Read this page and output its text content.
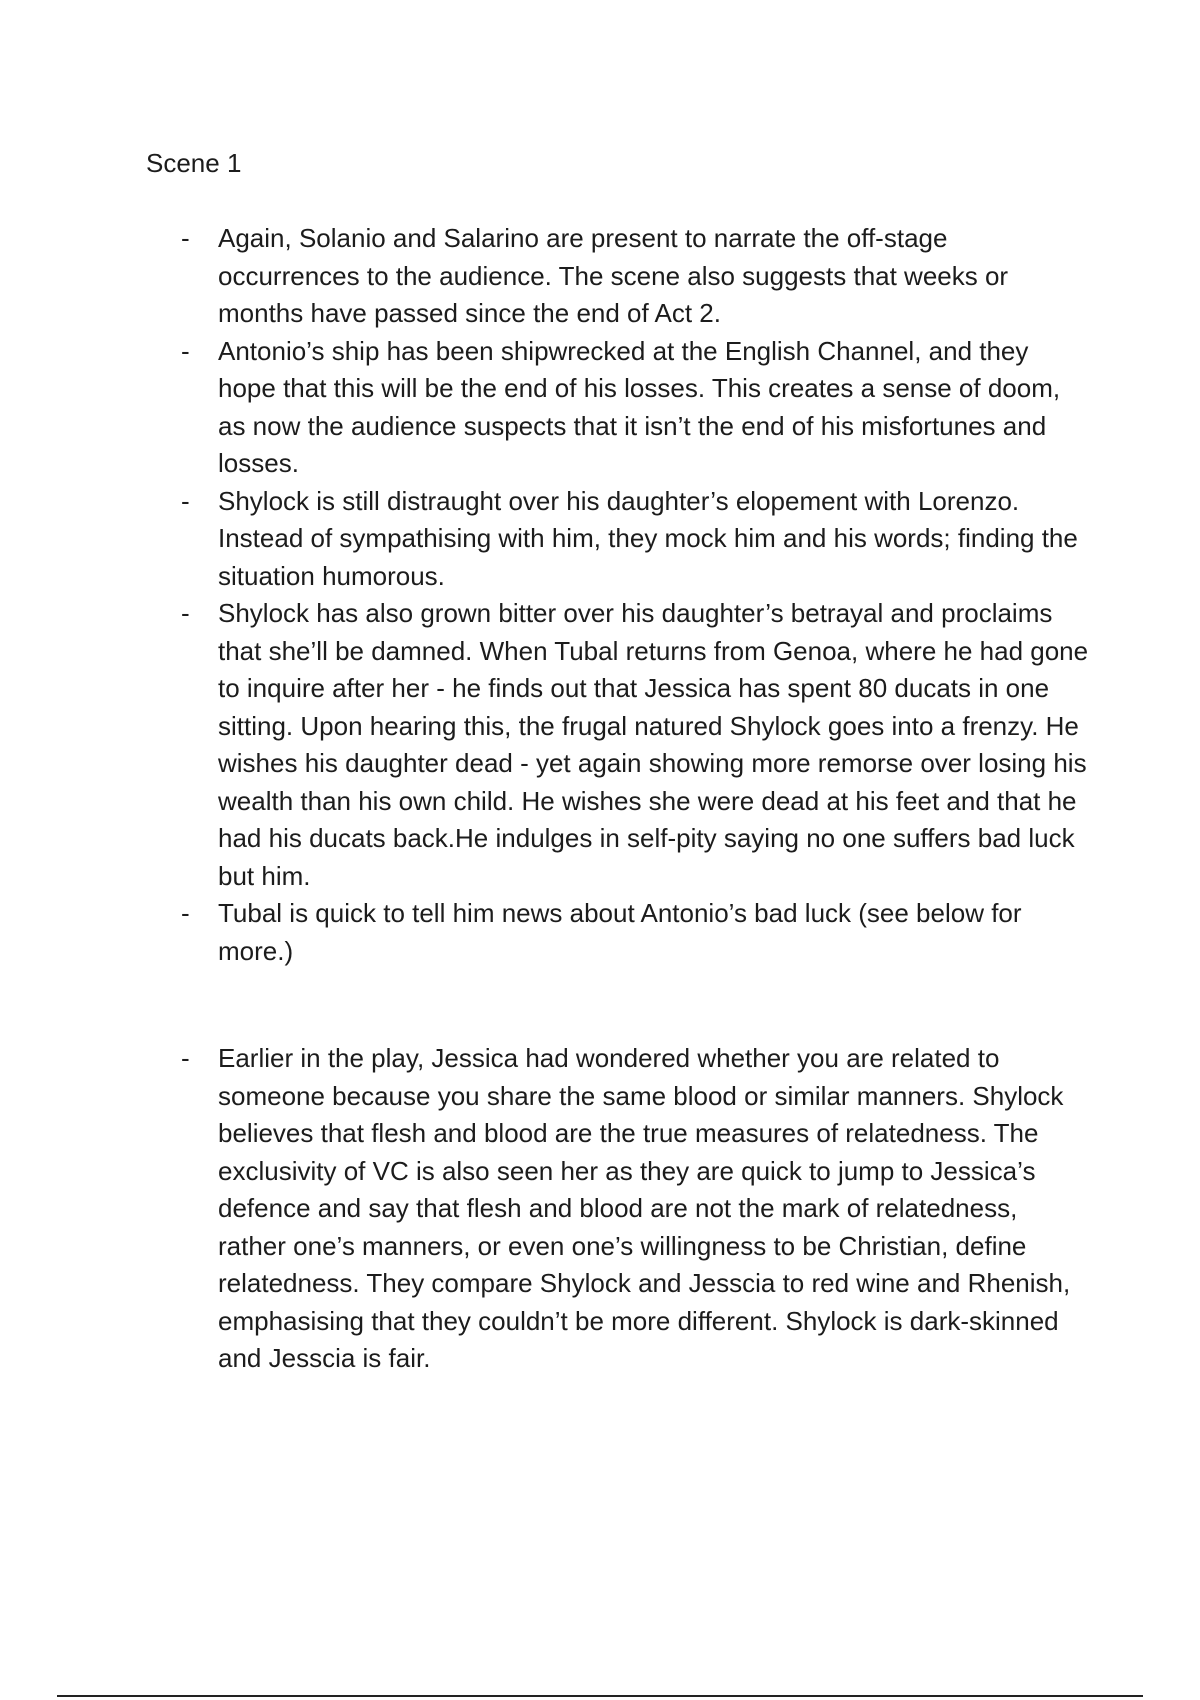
Scene 1
- Again, Solanio and Salarino are present to narrate the off-stage occurrences to the audience. The scene also suggests that weeks or months have passed since the end of Act 2.
- Antonio’s ship has been shipwrecked at the English Channel, and they hope that this will be the end of his losses. This creates a sense of doom, as now the audience suspects that it isn’t the end of his misfortunes and losses.
- Shylock is still distraught over his daughter’s elopement with Lorenzo. Instead of sympathising with him, they mock him and his words; finding the situation humorous.
- Shylock has also grown bitter over his daughter’s betrayal and proclaims that she’ll be damned. When Tubal returns from Genoa, where he had gone to inquire after her - he finds out that Jessica has spent 80 ducats in one sitting. Upon hearing this, the frugal natured Shylock goes into a frenzy. He wishes his daughter dead - yet again showing more remorse over losing his wealth than his own child. He wishes she were dead at his feet and that he had his ducats back.He indulges in self-pity saying no one suffers bad luck but him.
- Tubal is quick to tell him news about Antonio’s bad luck (see below for more.)
- Earlier in the play, Jessica had wondered whether you are related to someone because you share the same blood or similar manners. Shylock believes that flesh and blood are the true measures of relatedness. The exclusivity of VC is also seen her as they are quick to jump to Jessica’s defence and say that flesh and blood are not the mark of relatedness, rather one’s manners, or even one’s willingness to be Christian, define relatedness. They compare Shylock and Jesscia to red wine and Rhenish, emphasising that they couldn’t be more different. Shylock is dark-skinned and Jesscia is fair.
